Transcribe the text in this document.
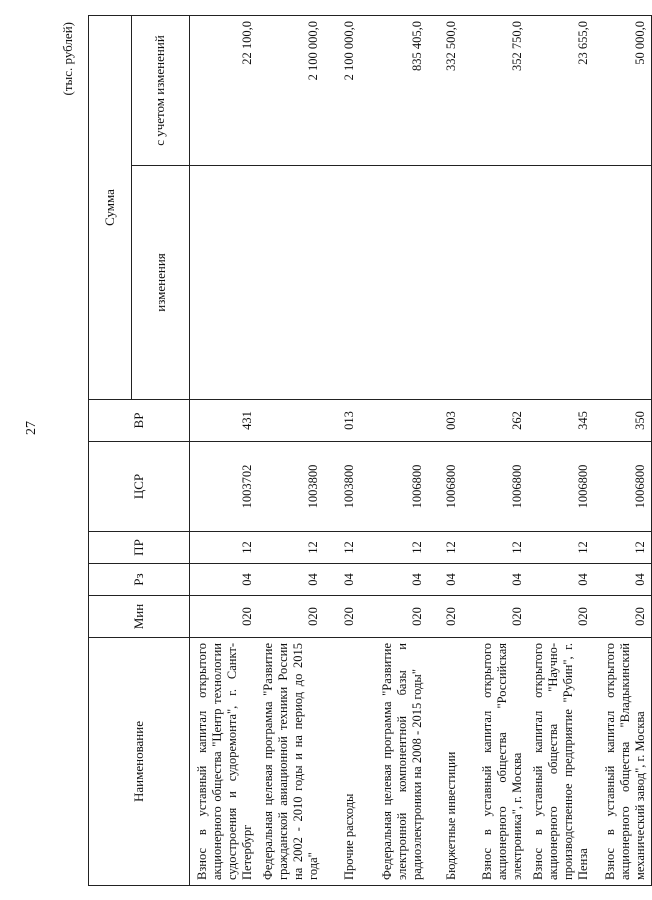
27
(тыс. рублей)
Наименование	Мин	Рз	ПР	ЦСР	ВР	Сумма	
						изменения	с учетом изменений
Взнос в уставный капитал открытого акционерного общества "Центр технологии судостроения и судоремонта", г. Санкт-Петербург	020	04	12	1003702	431		22 100,0
Федеральная целевая программа "Развитие гражданской авиационной техники России на 2002 - 2010 годы и на период до 2015 года"	020	04	12	1003800			2 100 000,0
Прочие расходы	020	04	12	1003800	013		2 100 000,0
Федеральная целевая программа "Развитие электронной компонентной базы и радиоэлектроники на 2008 - 2015 годы"	020	04	12	1006800			835 405,0
Бюджетные инвестиции	020	04	12	1006800	003		332 500,0
Взнос в уставный капитал открытого акционерного общества "Российская электроника", г. Москва	020	04	12	1006800	262		352 750,0
Взнос в уставный капитал открытого акционерного общества "Научно-производственное предприятие "Рубин", г. Пенза	020	04	12	1006800	345		23 655,0
Взнос в уставный капитал открытого акционерного общества "Владыкинский механический завод", г. Москва	020	04	12	1006800	350		50 000,0
